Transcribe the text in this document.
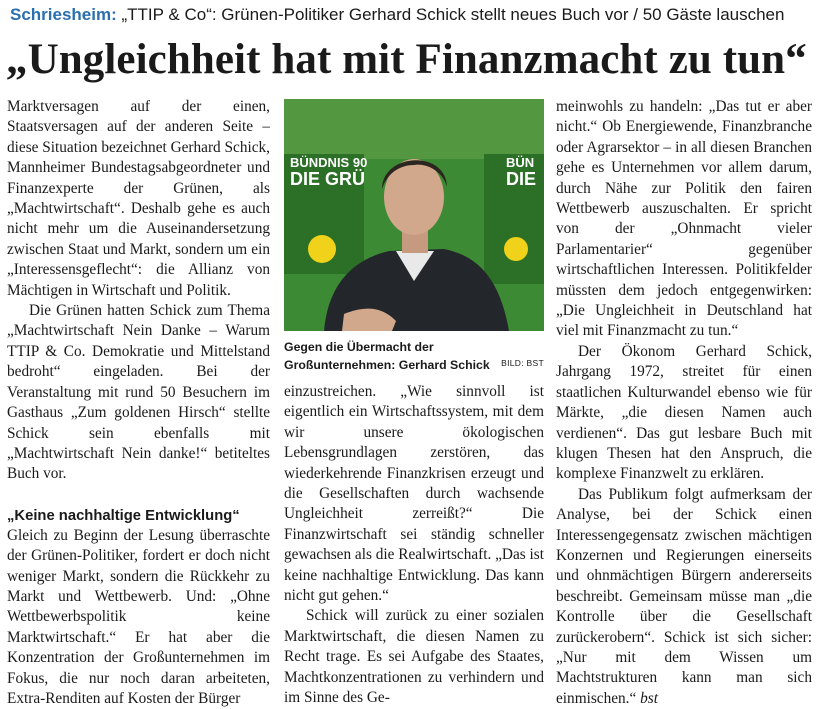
Schriesheim: „TTIP & Co“: Grünen-Politiker Gerhard Schick stellt neues Buch vor / 50 Gäste lauschen
„Ungleichheit hat mit Finanzmacht zu tun“

Marktversagen auf der einen, Staatsversagen auf der anderen Seite – diese Situation bezeichnet Gerhard Schick, Mannheimer Bundestagsabgeordneter und Finanzexperte der Grünen, als „Machtwirtschaft“. Deshalb gehe es auch nicht mehr um die Auseinandersetzung zwischen Staat und Markt, sondern um ein „Interessensgeflecht“: die Allianz von Mächtigen in Wirtschaft und Politik.

Die Grünen hatten Schick zum Thema „Machtwirtschaft Nein Danke – Warum TTIP & Co. Demokratie und Mittelstand bedroht“ eingeladen. Bei der Veranstaltung mit rund 50 Besuchern im Gasthaus „Zum goldenen Hirsch“ stellte Schick sein ebenfalls mit „Machtwirtschaft Nein danke!“ betiteltes Buch vor.

„Keine nachhaltige Entwicklung“

Gleich zu Beginn der Lesung überraschte der Grünen-Politiker, fordert er doch nicht weniger Markt, sondern die Rückkehr zu Markt und Wettbewerb. Und: „Ohne Wettbewerbspolitik keine Marktwirtschaft.“ Er hat aber die Konzentration der Großunternehmen im Fokus, die nur noch daran arbeiteten, Extra-Renditen auf Kosten der Bürger

BÜNDNIS 90
DIE GRÜ
BÜN
DIE
Gegen die Übermacht der Großunternehmen: Gerhard Schick BILD: BST

einzustreichen. „Wie sinnvoll ist eigentlich ein Wirtschaftssystem, mit dem wir unsere ökologischen Lebensgrundlagen zerstören, das wiederkehrende Finanzkrisen erzeugt und die Gesellschaften durch wachsende Ungleichheit zerreißt?“ Die Finanzwirtschaft sei ständig schneller gewachsen als die Realwirtschaft. „Das ist keine nachhaltige Entwicklung. Das kann nicht gut gehen.“

Schick will zurück zu einer sozialen Marktwirtschaft, die diesen Namen zu Recht trage. Es sei Aufgabe des Staates, Machtkonzentrationen zu verhindern und im Sinne des Ge-

meinwohls zu handeln: „Das tut er aber nicht.“ Ob Energiewende, Finanzbranche oder Agrarsektor – in all diesen Branchen gehe es Unternehmen vor allem darum, durch Nähe zur Politik den fairen Wettbewerb auszuschalten. Er spricht von der „Ohnmacht vieler Parlamentarier“ gegenüber wirtschaftlichen Interessen. Politikfelder müssten dem jedoch entgegenwirken: „Die Ungleichheit in Deutschland hat viel mit Finanzmacht zu tun.“

Der Ökonom Gerhard Schick, Jahrgang 1972, streitet für einen staatlichen Kulturwandel ebenso wie für Märkte, „die diesen Namen auch verdienen“. Das gut lesbare Buch mit klugen Thesen hat den Anspruch, die komplexe Finanzwelt zu erklären.

Das Publikum folgt aufmerksam der Analyse, bei der Schick einen Interessengegensatz zwischen mächtigen Konzernen und Regierungen einerseits und ohnmächtigen Bürgern andererseits beschreibt. Gemeinsam müsse man „die Kontrolle über die Gesellschaft zurückerobern“. Schick ist sich sicher: „Nur mit dem Wissen um Machtstrukturen kann man sich einmischen.“ bst
